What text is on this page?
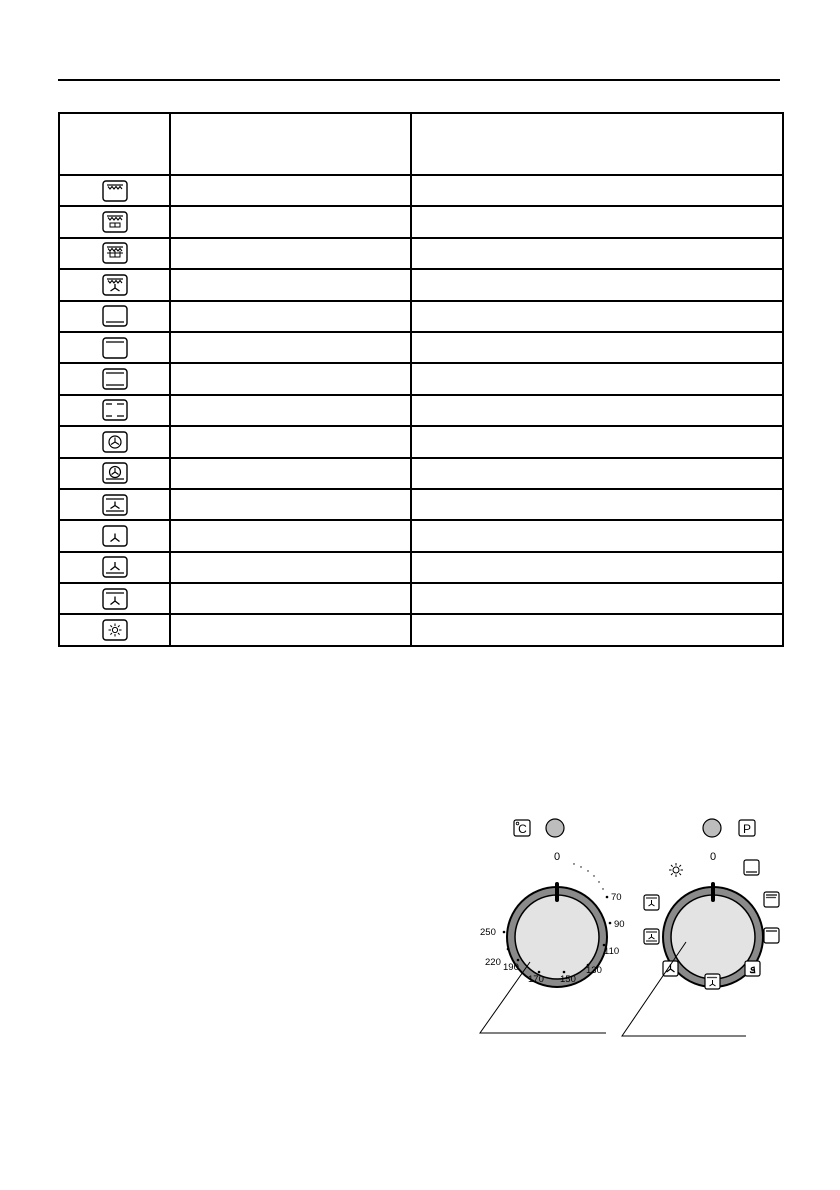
C	P
0
70
90
110
130
150
170
190
220
250
0
ܦ
